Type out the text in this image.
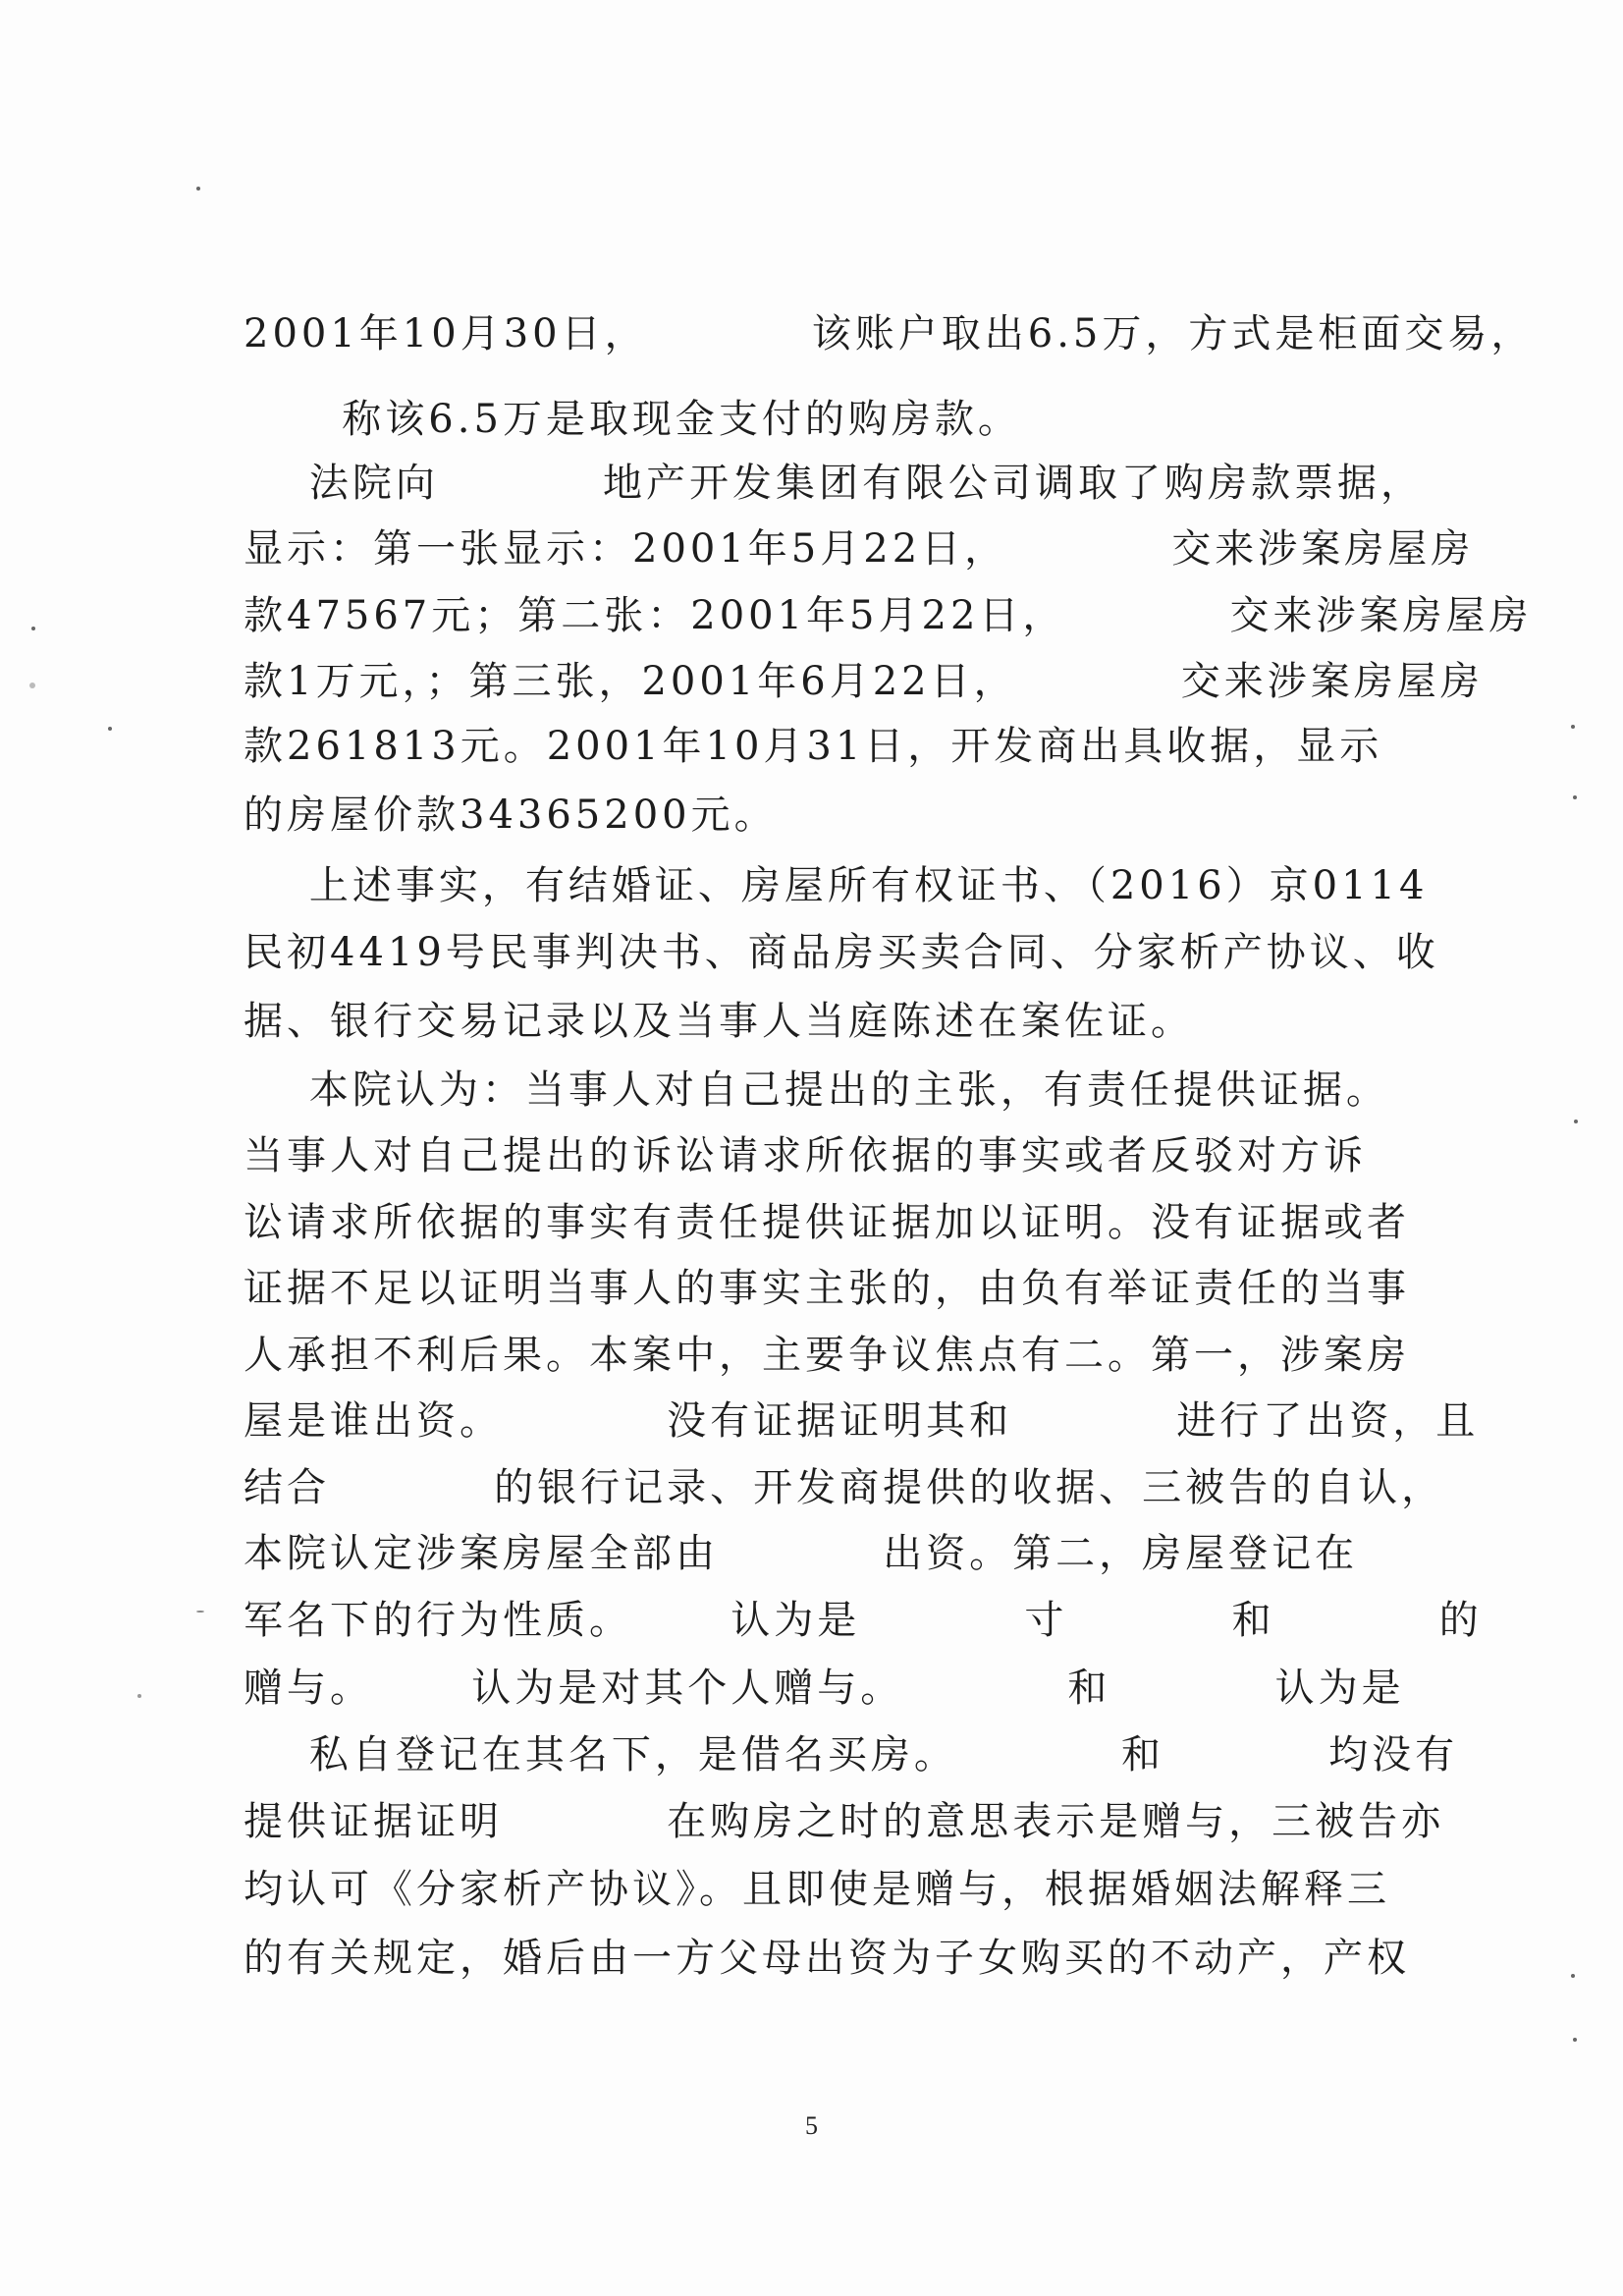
2001年10月30日，          该账户取出6.5万，方式是柜面交易，
称该6.5万是取现金支付的购房款。
法院向          地产开发集团有限公司调取了购房款票据，
显示：第一张显示：2001年5月22日，          交来涉案房屋房
款47567元；第二张：2001年5月22日，          交来涉案房屋房
款1万元，；第三张，2001年6月22日，          交来涉案房屋房
款261813元。2001年10月31日，开发商出具收据，显示
的房屋价款34365200元。
上述事实，有结婚证、房屋所有权证书、（2016）京0114
民初4419号民事判决书、商品房买卖合同、分家析产协议、收
据、银行交易记录以及当事人当庭陈述在案佐证。
本院认为：当事人对自己提出的主张，有责任提供证据。
当事人对自己提出的诉讼请求所依据的事实或者反驳对方诉
讼请求所依据的事实有责任提供证据加以证明。没有证据或者
证据不足以证明当事人的事实主张的，由负有举证责任的当事
人承担不利后果。本案中，主要争议焦点有二。第一，涉案房
屋是谁出资。          没有证据证明其和          进行了出资，且
结合          的银行记录、开发商提供的收据、三被告的自认，
本院认定涉案房屋全部由          出资。第二，房屋登记在
军名下的行为性质。      认为是          寸          和          的
赠与。      认为是对其个人赠与。          和          认为是
私自登记在其名下，是借名买房。          和          均没有
提供证据证明          在购房之时的意思表示是赠与，三被告亦
均认可《分家析产协议》。且即使是赠与，根据婚姻法解释三
的有关规定，婚后由一方父母出资为子女购买的不动产，产权
5
